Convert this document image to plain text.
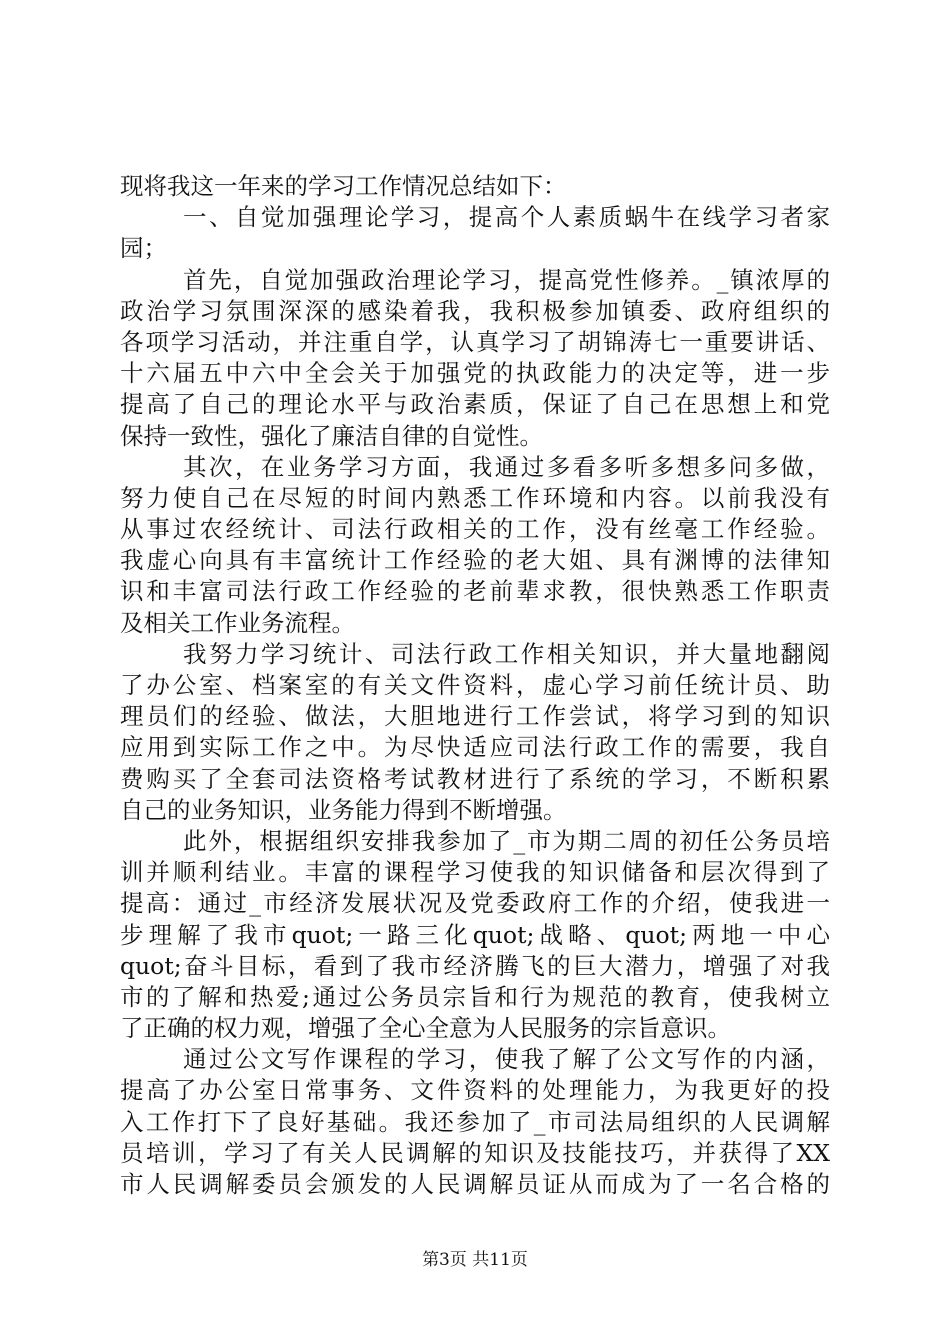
现将我这一年来的学习工作情况总结如下：
一、自觉加强理论学习，提高个人素质蜗牛在线学习者家
园；
首先，自觉加强政治理论学习，提高党性修养。_镇浓厚的
政治学习氛围深深的感染着我，我积极参加镇委、政府组织的
各项学习活动，并注重自学，认真学习了胡锦涛七一重要讲话、
十六届五中六中全会关于加强党的执政能力的决定等，进一步
提高了自己的理论水平与政治素质，保证了自己在思想上和党
保持一致性，强化了廉洁自律的自觉性。
其次，在业务学习方面，我通过多看多听多想多问多做，
努力使自己在尽短的时间内熟悉工作环境和内容。以前我没有
从事过农经统计、司法行政相关的工作，没有丝毫工作经验。
我虚心向具有丰富统计工作经验的老大姐、具有渊博的法律知
识和丰富司法行政工作经验的老前辈求教，很快熟悉工作职责
及相关工作业务流程。
我努力学习统计、司法行政工作相关知识，并大量地翻阅
了办公室、档案室的有关文件资料，虚心学习前任统计员、助
理员们的经验、做法，大胆地进行工作尝试，将学习到的知识
应用到实际工作之中。为尽快适应司法行政工作的需要，我自
费购买了全套司法资格考试教材进行了系统的学习，不断积累
自己的业务知识，业务能力得到不断增强。
此外，根据组织安排我参加了_市为期二周的初任公务员培
训并顺利结业。丰富的课程学习使我的知识储备和层次得到了
提高：通过_市经济发展状况及党委政府工作的介绍，使我进一
步理解了我市quot;一路三化quot;战略、quot;两地一中心
quot;奋斗目标，看到了我市经济腾飞的巨大潜力，增强了对我
市的了解和热爱;通过公务员宗旨和行为规范的教育，使我树立
了正确的权力观，增强了全心全意为人民服务的宗旨意识。
通过公文写作课程的学习，使我了解了公文写作的内涵，
提高了办公室日常事务、文件资料的处理能力，为我更好的投
入工作打下了良好基础。我还参加了_市司法局组织的人民调解
员培训，学习了有关人民调解的知识及技能技巧，并获得了XX
市人民调解委员会颁发的人民调解员证从而成为了一名合格的
第3页 共11页
